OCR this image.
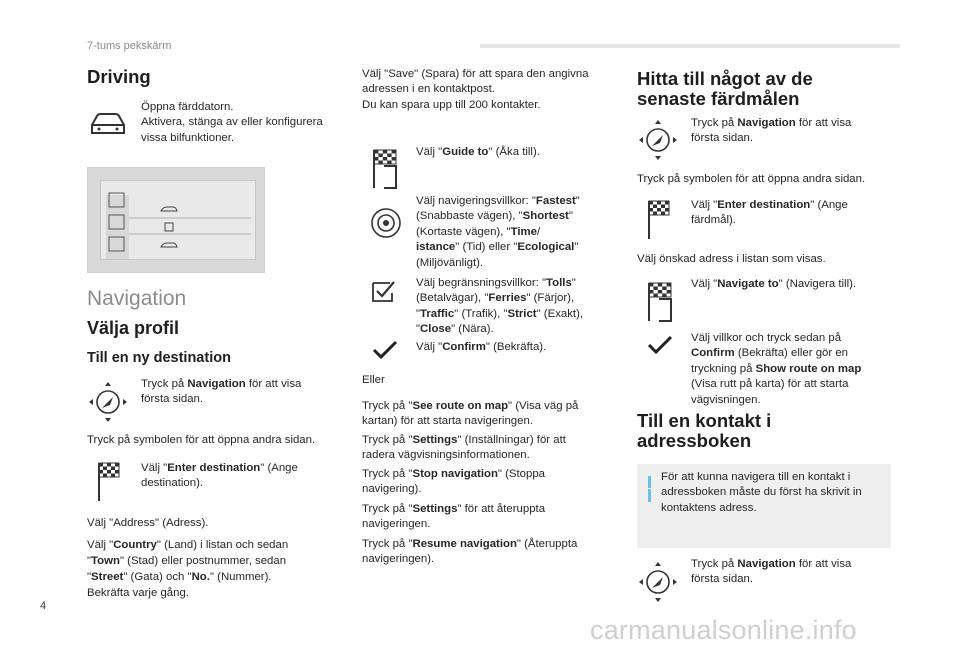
7-tums pekskärm
Driving
Öppna färddatorn.
Aktivera, stänga av eller konfigurera
vissa bilfunktioner.
Navigation
Välja profil
Till en ny destination
Tryck på Navigation för att visa
första sidan.
Tryck på symbolen för att öppna andra sidan.
Välj "Enter destination" (Ange
destination).
Välj "Address" (Adress).
Välj "Country" (Land) i listan och sedan
"Town" (Stad) eller postnummer, sedan
"Street" (Gata) och "No." (Nummer).
Bekräfta varje gång.
Välj "Save" (Spara) för att spara den angivna
adressen i en kontaktpost.
Du kan spara upp till 200 kontakter.
Välj "Guide to" (Åka till).
Välj navigeringsvillkor: "Fastest"
(Snabbaste vägen), "Shortest"
(Kortaste vägen), "Time/
istance" (Tid) eller "Ecological"
(Miljövänligt).
Välj begränsningsvillkor: "Tolls"
(Betalvägar), "Ferries" (Färjor),
"Traffic" (Trafik), "Strict" (Exakt),
"Close" (Nära).
Välj "Confirm" (Bekräfta).
Eller
Tryck på "See route on map" (Visa väg på
kartan) för att starta navigeringen.
Tryck på "Settings" (Inställningar) för att
radera vägvisningsinformationen.
Tryck på "Stop navigation" (Stoppa
navigering).
Tryck på "Settings" för att återuppta
navigeringen.
Tryck på "Resume navigation" (Återuppta
navigeringen).
Hitta till något av de
senaste färdmålen
Tryck på Navigation för att visa
första sidan.
Tryck på symbolen för att öppna andra sidan.
Välj "Enter destination" (Ange
färdmål).
Välj önskad adress i listan som visas.
Välj "Navigate to" (Navigera till).
Välj villkor och tryck sedan på
Confirm (Bekräfta) eller gör en
tryckning på Show route on map
(Visa rutt på karta) för att starta
vägvisningen.
Till en kontakt i
adressboken
För att kunna navigera till en kontakt i
adressboken måste du först ha skrivit in
kontaktens adress.
Tryck på Navigation för att visa
första sidan.
4
carmanualsonline.info
